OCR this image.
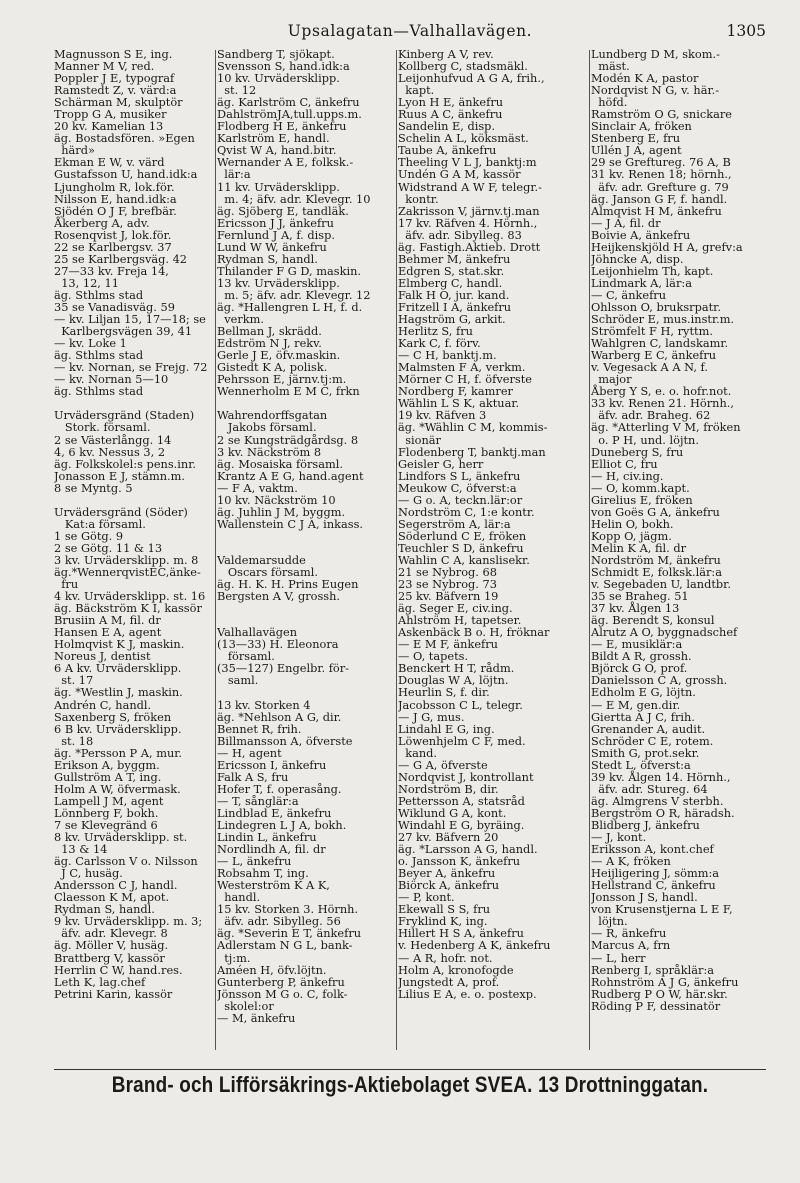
Upsalagatan—Valhallavägen.	1305
Magnusson S E, ing.
Manner M V, red.
Poppler J E, typograf
Ramstedt Z, v. värd:a
Schärman M, skulptör
Tropp G A, musiker
20 kv. Kamelian 13
äg. Bostadsfören. »Egen
härd»
Ekman E W, v. värd
Gustafsson U, hand.idk:a
Ljungholm R, lok.för.
Nilsson E, hand.idk:a
Sjödén O J F, brefbär.
Åkerberg A, adv.
Rosenqvist J, lok.för.
22 se Karlbergsv. 37
25 se Karlbergsväg. 42
27—33 kv. Freja 14,
13, 12, 11
äg. Sthlms stad
35 se Vanadisväg. 59
— kv. Liljan 15, 17—18; se
Karlbergsvägen 39, 41
— kv. Loke 1
äg. Sthlms stad
— kv. Nornan, se Frejg. 72
— kv. Nornan 5—10
äg. Sthlms stad
Urvädersgränd (Staden)
Stork. församl.
2 se Västerlångg. 14
4, 6 kv. Nessus 3, 2
äg. Folkskolel:s pens.inr.
Jonasson E J, stämn.m.
8 se Myntg. 5
Urvädersgränd (Söder)
Kat:a församl.
1 se Götg. 9
2 se Götg. 11 & 13
3 kv. Urvädersklipp. m. 8
äg.*WennerqvistEC,änke-
fru
4 kv. Urvädersklipp. st. 16
äg. Bäckström K I, kassör
Brusiin A M, fil. dr
Hansen E A, agent
Holmqvist K J, maskin.
Noreus J, dentist
6 A kv. Urvädersklipp.
st. 17
äg. *Westlin J, maskin.
Andrén C, handl.
Saxenberg S, fröken
6 B kv. Urvädersklipp.
st. 18
äg. *Persson P A, mur.
Erikson A, byggm.
Gullström A T, ing.
Holm A W, öfvermask.
Lampell J M, agent
Lönnberg F, bokh.
7 se Klevegränd 6
8 kv. Urvädersklipp. st.
13 & 14
äg. Carlsson V o. Nilsson
J C, husäg.
Andersson C J, handl.
Claesson K M, apot.
Rydman S, handl.
9 kv. Urvädersklipp. m. 3;
äfv. adr. Klevegr. 8
äg. Möller V, husäg.
Brattberg V, kassör
Herrlin C W, hand.res.
Leth K, lag.chef
Petrini Karin, kassör
Sandberg T, sjökapt.
Svensson S, hand.idk:a
10 kv. Urvädersklipp.
st. 12
äg. Karlström C, änkefru
DahlströmJA,tull.upps.m.
Flodberg H E, änkefru
Karlström E, handl.
Qvist W A, hand.bitr.
Wernander A E, folksk.-
lär:a
11 kv. Urvädersklipp.
m. 4; äfv. adr. Klevegr. 10
äg. Sjöberg E, tandläk.
Ericsson J J, änkefru
Fernlund J A, f. disp.
Lund W W, änkefru
Rydman S, handl.
Thilander F G D, maskin.
13 kv. Urvädersklipp.
m. 5; äfv. adr. Klevegr. 12
äg. *Hallengren L H, f. d.
verkm.
Bellman J, skrädd.
Edström N J, rekv.
Gerle J E, öfv.maskin.
Gistedt K A, polisk.
Pehrsson E, järnv.tj:m.
Wennerholm E M C, frkn
Wahrendorffsgatan
Jakobs församl.
2 se Kungsträdgårdsg. 8
3 kv. Näckström 8
äg. Mosaiska församl.
Krantz A E G, hand.agent
— F A, vaktm.
10 kv. Näckström 10
äg. Juhlin J M, byggm.
Wallenstein C J A, inkass.
Valdemarsudde
Oscars församl.
äg. H. K. H. Prins Eugen
Bergsten A V, grossh.
Valhallavägen
(13—33) H. Eleonora
församl.
(35—127) Engelbr. för-
saml.
13 kv. Storken 4
äg. *Nehlson A G, dir.
Bennet R, frih.
Billmansson A, öfverste
— H, agent
Ericsson I, änkefru
Falk A S, fru
Hofer T, f. operasång.
— T, sånglär:a
Lindblad E, änkefru
Lindegren L J A, bokh.
Lindin L, änkefru
Nordlindh A, fil. dr
— L, änkefru
Robsahm T, ing.
Westerström K A K,
handl.
15 kv. Storken 3. Hörnh.
äfv. adr. Sibylleg. 56
äg. *Severin E T, änkefru
Adlerstam N G L, bank-
tj:m.
Améen H, öfv.löjtn.
Gunterberg P, änkefru
Jönsson M G o. C, folk-
skolel:or
— M, änkefru
Kinberg A V, rev.
Kollberg C, stadsmäkl.
Leijonhufvud A G A, frih.,
kapt.
Lyon H E, änkefru
Ruus A C, änkefru
Sandelin E, disp.
Schelin A L, köksmäst.
Taube A, änkefru
Theeling V L J, banktj:m
Undén G A M, kassör
Widstrand A W F, telegr.-
kontr.
Zakrisson V, järnv.tj.man
17 kv. Räfven 4. Hörnh.,
äfv. adr. Sibylleg. 83
äg. Fastigh.Aktieb. Drott
Behmer M, änkefru
Edgren S, stat.skr.
Elmberg C, handl.
Falk H O, jur. kand.
Fritzell I A, änkefru
Hagström G, arkit.
Herlitz S, fru
Kark C, f. förv.
— C H, banktj.m.
Malmsten F A, verkm.
Mörner C H, f. öfverste
Nordberg F, kamrer
Wählin L S K, aktuar.
19 kv. Räfven 3
äg. *Wählin C M, kommis-
sionär
Flodenberg T, banktj.man
Geisler G, herr
Lindfors S L, änkefru
Meukow C, öfverst:a
— G o. A, teckn.lär:or
Nordström C, 1:e kontr.
Segerström A, lär:a
Söderlund C E, fröken
Teuchler S D, änkefru
Wahlin C A, kanslisekr.
21 se Nybrog. 68
23 se Nybrog. 73
25 kv. Bäfvern 19
äg. Seger E, civ.ing.
Ahlström H, tapetser.
Askenbäck B o. H, fröknar
— E M F, änkefru
— O, tapets.
Benckert H T, rådm.
Douglas W A, löjtn.
Heurlin S, f. dir.
Jacobsson C L, telegr.
— J G, mus.
Lindahl E G, ing.
Löwenhjelm C F, med.
kand.
— G A, öfverste
Nordqvist J, kontrollant
Nordström B, dir.
Pettersson A, statsråd
Wiklund G A, kont.
Windahl E G, byräing.
27 kv. Bäfvern 20
äg. *Larsson A G, handl.
o. Jansson K, änkefru
Beyer A, änkefru
Biörck A, änkefru
— P, kont.
Ekewall S S, fru
Fryklind K, ing.
Hillert H S A, änkefru
v. Hedenberg A K, änkefru
— A R, hofr. not.
Holm A, kronofogde
Jungstedt A, prof.
Lilius E A, e. o. postexp.
Lundberg D M, skom.-
mäst.
Modén K A, pastor
Nordqvist N G, v. här.-
höfd.
Ramström O G, snickare
Sinclair A, fröken
Stenberg E, fru
Ullén J A, agent
29 se Greftureg. 76 A, B
31 kv. Renen 18; hörnh.,
äfv. adr. Grefture g. 79
äg. Janson G F, f. handl.
Almqvist H M, änkefru
— J A, fil. dr
Boivie A, änkefru
Heijkenskjöld H A, grefv:a
Jöhncke A, disp.
Leijonhielm Th, kapt.
Lindmark A, lär:a
— C, änkefru
Ohlsson O, bruksrpatr.
Schröder E, mus.instr.m.
Strömfelt F H, ryttm.
Wahlgren C, landskamr.
Warberg E C, änkefru
v. Vegesack A A N, f.
major
Åberg Y S, e. o. hofr.not.
33 kv. Renen 21. Hörnh.,
äfv. adr. Braheg. 62
äg. *Atterling V M, fröken
o. P H, und. löjtn.
Duneberg S, fru
Elliot C, fru
— H, civ.ing.
— O, komm.kapt.
Girelius E, fröken
von Goës G A, änkefru
Helin O, bokh.
Kopp O, jägm.
Melin K A, fil. dr
Nordström M, änkefru
Schmidt E, folksk.lär:a
v. Segebaden U, landtbr.
35 se Braheg. 51
37 kv. Ålgen 13
äg. Berendt S, konsul
Alrutz A O, byggnadschef
— E, musiklär:a
Bildt A R, grossh.
Björck G O, prof.
Danielsson C A, grossh.
Edholm E G, löjtn.
— E M, gen.dir.
Giertta A J C, frih.
Grenander A, audit.
Schröder C E, rotem.
Smith G, prot.sekr.
Stedt L, öfverst:a
39 kv. Ålgen 14. Hörnh.,
äfv. adr. Stureg. 64
äg. Almgrens V sterbh.
Bergström O R, häradsh.
Blidberg J, änkefru
— J, kont.
Eriksson A, kont.chef
— A K, fröken
Heijligering J, sömm:a
Hellstrand C, änkefru
Jonsson J S, handl.
von Krusenstjerna L E F,
löjtn.
— R, änkefru
Marcus A, frn
— L, herr
Renberg I, språklär:a
Rohnström A J G, änkefru
Rudberg P O W, här.skr.
Röding P F, dessinatör
Brand- och Lifförsäkrings-Aktiebolaget SVEA. 13 Drottninggatan.
